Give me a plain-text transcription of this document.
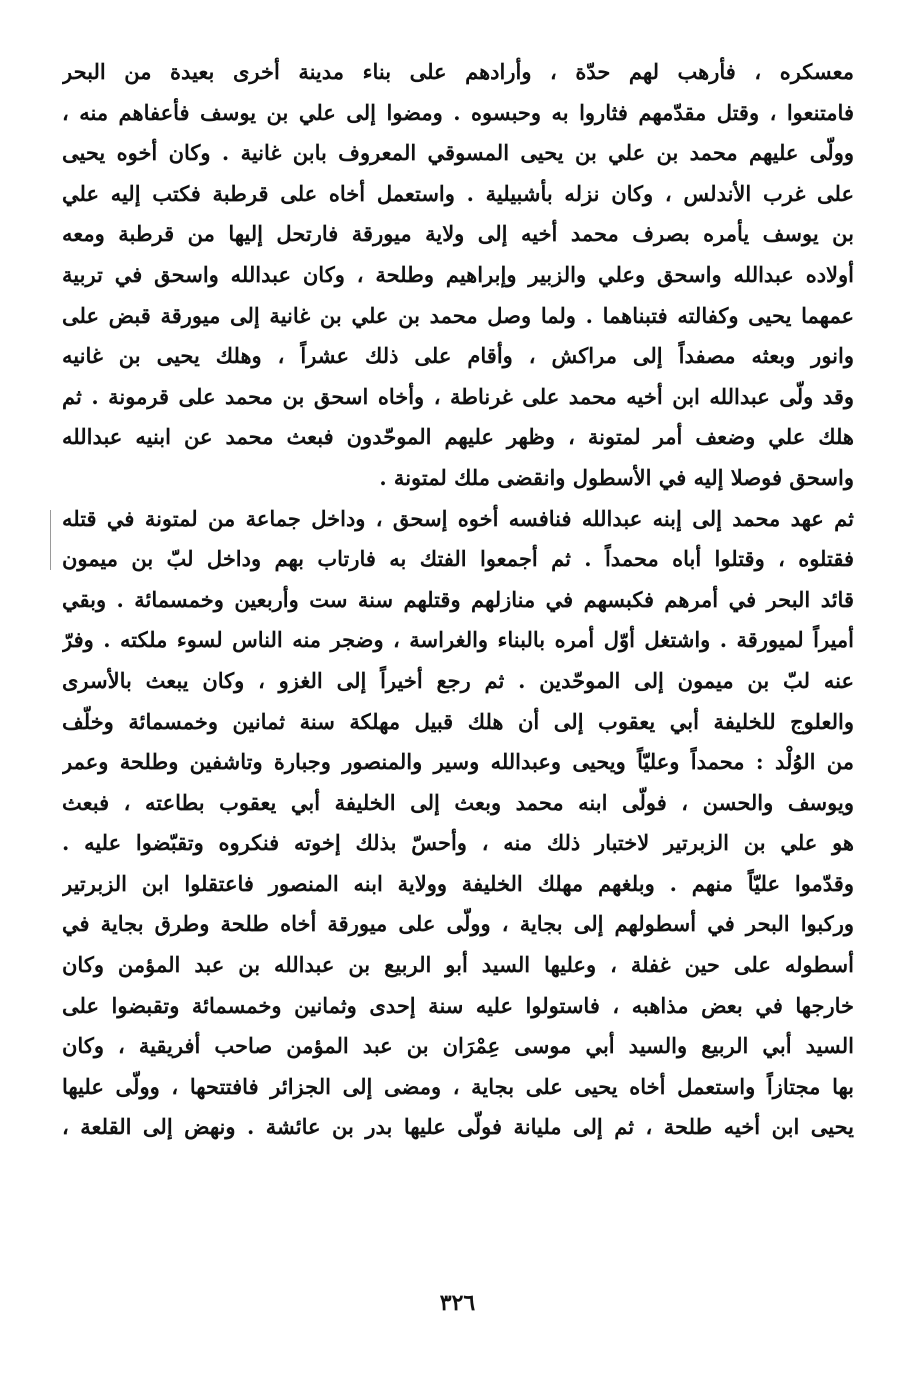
معسكره ، فأرهب لهم حدّة ، وأرادهم على بناء مدينة أخرى بعيدة من البحر
فامتنعوا ، وقتل مقدّمهم فثاروا به وحبسوه . ومضوا إلى علي بن يوسف فأعفاهم منه ،
وولّى عليهم محمد بن علي بن يحيى المسوقي المعروف بابن غانية . وكان أخوه يحيى
على غرب الأندلس ، وكان نزله بأشبيلية . واستعمل أخاه على قرطبة فكتب إليه علي
بن يوسف يأمره بصرف محمد أخيه إلى ولاية ميورقة فارتحل إليها من قرطبة ومعه
أولاده عبدالله واسحق وعلي والزبير وإبراهيم وطلحة ، وكان عبدالله واسحق في تربية
عمهما يحيى وكفالته فتبناهما . ولما وصل محمد بن علي بن غانية إلى ميورقة قبض على
وانور وبعثه مصفداً إلى مراكش ، وأقام على ذلك عشراً ، وهلك يحيى بن غانيه
وقد ولّى عبدالله ابن أخيه محمد على غرناطة ، وأخاه اسحق بن محمد على قرمونة . ثم
هلك علي وضعف أمر لمتونة ، وظهر عليهم الموحّدون فبعث محمد عن ابنيه عبدالله
واسحق فوصلا إليه في الأسطول وانقضى ملك لمتونة .
ثم عهد محمد إلى إبنه عبدالله فنافسه أخوه إسحق ، وداخل جماعة من لمتونة في قتله
فقتلوه ، وقتلوا أباه محمداً . ثم أجمعوا الفتك به فارتاب بهم وداخل لبّ بن ميمون
قائد البحر في أمرهم فكبسهم في منازلهم وقتلهم سنة ست وأربعين وخمسمائة . وبقي
أميراً لميورقة . واشتغل أوّل أمره بالبناء والغراسة ، وضجر منه الناس لسوء ملكته . وفرّ
عنه لبّ بن ميمون إلى الموحّدين . ثم رجع أخيراً إلى الغزو ، وكان يبعث بالأسرى
والعلوج للخليفة أبي يعقوب إلى أن هلك قبيل مهلكة سنة ثمانين وخمسمائة وخلّف
من الوُلْد : محمداً وعليّاً ويحيى وعبدالله وسير والمنصور وجبارة وتاشفين وطلحة وعمر
ويوسف والحسن ، فولّى ابنه محمد وبعث إلى الخليفة أبي يعقوب بطاعته ، فبعث
هو علي بن الزبرتير لاختبار ذلك منه ، وأحسّ بذلك إخوته فنكروه وتقبّضوا عليه .
وقدّموا عليّاً منهم . وبلغهم مهلك الخليفة وولاية ابنه المنصور فاعتقلوا ابن الزبرتير
وركبوا البحر في أسطولهم إلى بجاية ، وولّى على ميورقة أخاه طلحة وطرق بجاية في
أسطوله على حين غفلة ، وعليها السيد أبو الربيع بن عبدالله بن عبد المؤمن وكان
خارجها في بعض مذاهبه ، فاستولوا عليه سنة إحدى وثمانين وخمسمائة وتقبضوا على
السيد أبي الربيع والسيد أبي موسى عِمْرَان بن عبد المؤمن صاحب أفريقية ، وكان
بها مجتازاً واستعمل أخاه يحيى على بجاية ، ومضى إلى الجزائر فافتتحها ، وولّى عليها
يحيى ابن أخيه طلحة ، ثم إلى مليانة فولّى عليها بدر بن عائشة . ونهض إلى القلعة ،
٣٢٦
